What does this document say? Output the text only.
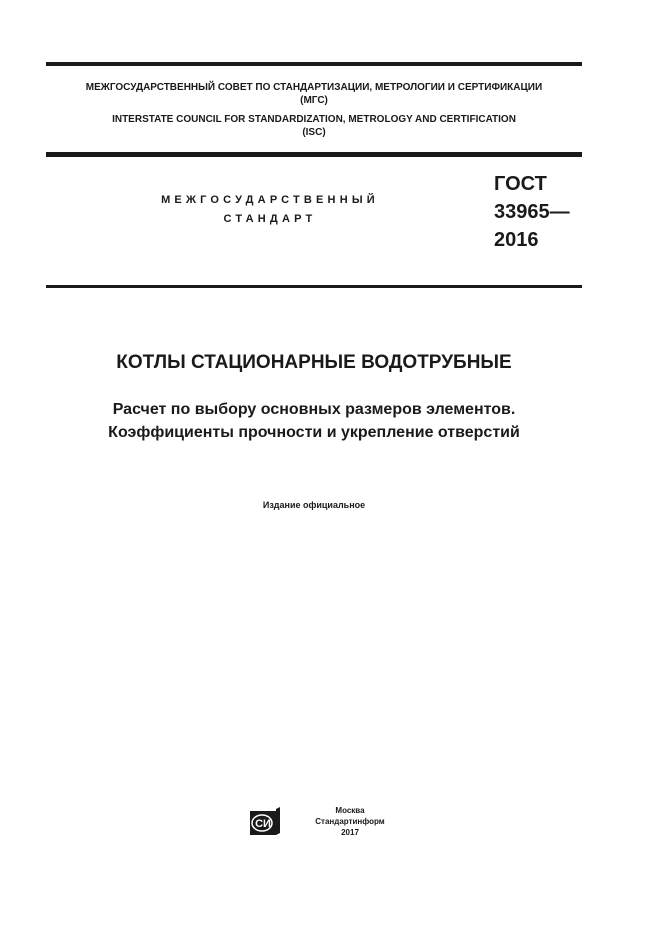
МЕЖГОСУДАРСТВЕННЫЙ СОВЕТ ПО СТАНДАРТИЗАЦИИ, МЕТРОЛОГИИ И СЕРТИФИКАЦИИ
(МГС)
INTERSTATE COUNCIL FOR STANDARDIZATION, METROLOGY AND CERTIFICATION
(ISC)
МЕЖГОСУДАРСТВЕННЫЙ
СТАНДАРТ
ГОСТ
33965—
2016
КОТЛЫ СТАЦИОНАРНЫЕ ВОДОТРУБНЫЕ
Расчет по выбору основных размеров элементов.
Коэффициенты прочности и укрепление отверстий
Издание официальное
СИ
Москва
Стандартинформ
2017
